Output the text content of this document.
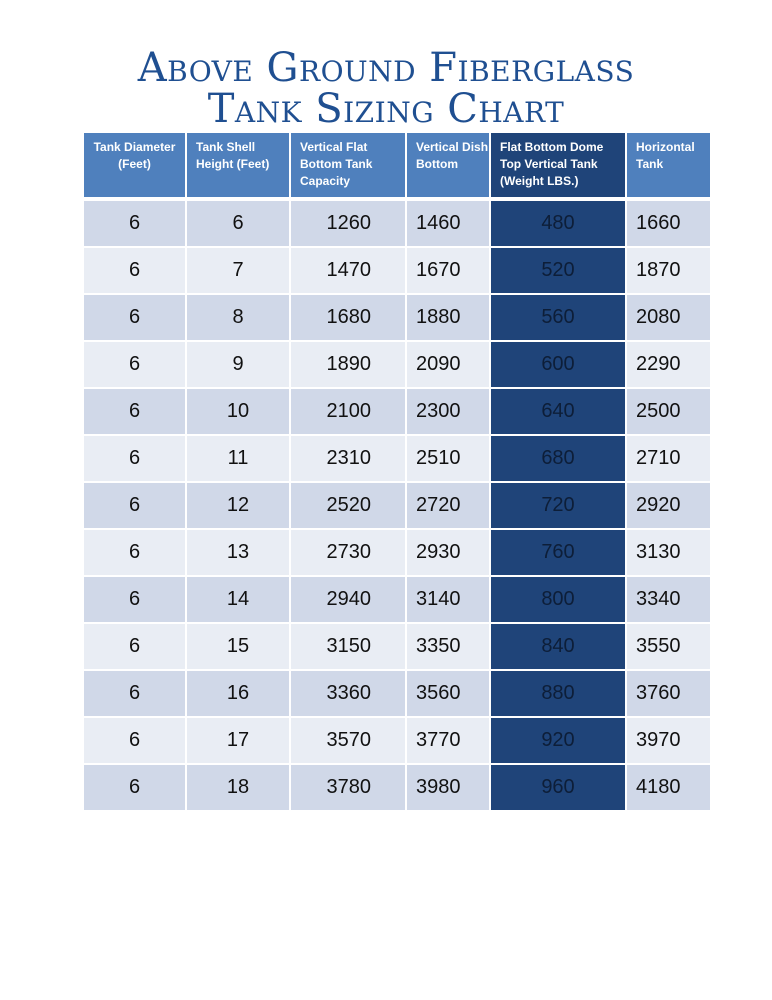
Above Ground Fiberglass
Tank Sizing Chart
Tank Diameter (Feet)	Tank Shell Height (Feet)	Vertical Flat Bottom Tank Capacity	Vertical Dish Bottom	Flat Bottom Dome Top Vertical Tank (Weight LBS.)	Horizontal Tank

6	6	1260	1460	480	1660
6	7	1470	1670	520	1870
6	8	1680	1880	560	2080
6	9	1890	2090	600	2290
6	10	2100	2300	640	2500
6	11	2310	2510	680	2710
6	12	2520	2720	720	2920
6	13	2730	2930	760	3130
6	14	2940	3140	800	3340
6	15	3150	3350	840	3550
6	16	3360	3560	880	3760
6	17	3570	3770	920	3970
6	18	3780	3980	960	4180
